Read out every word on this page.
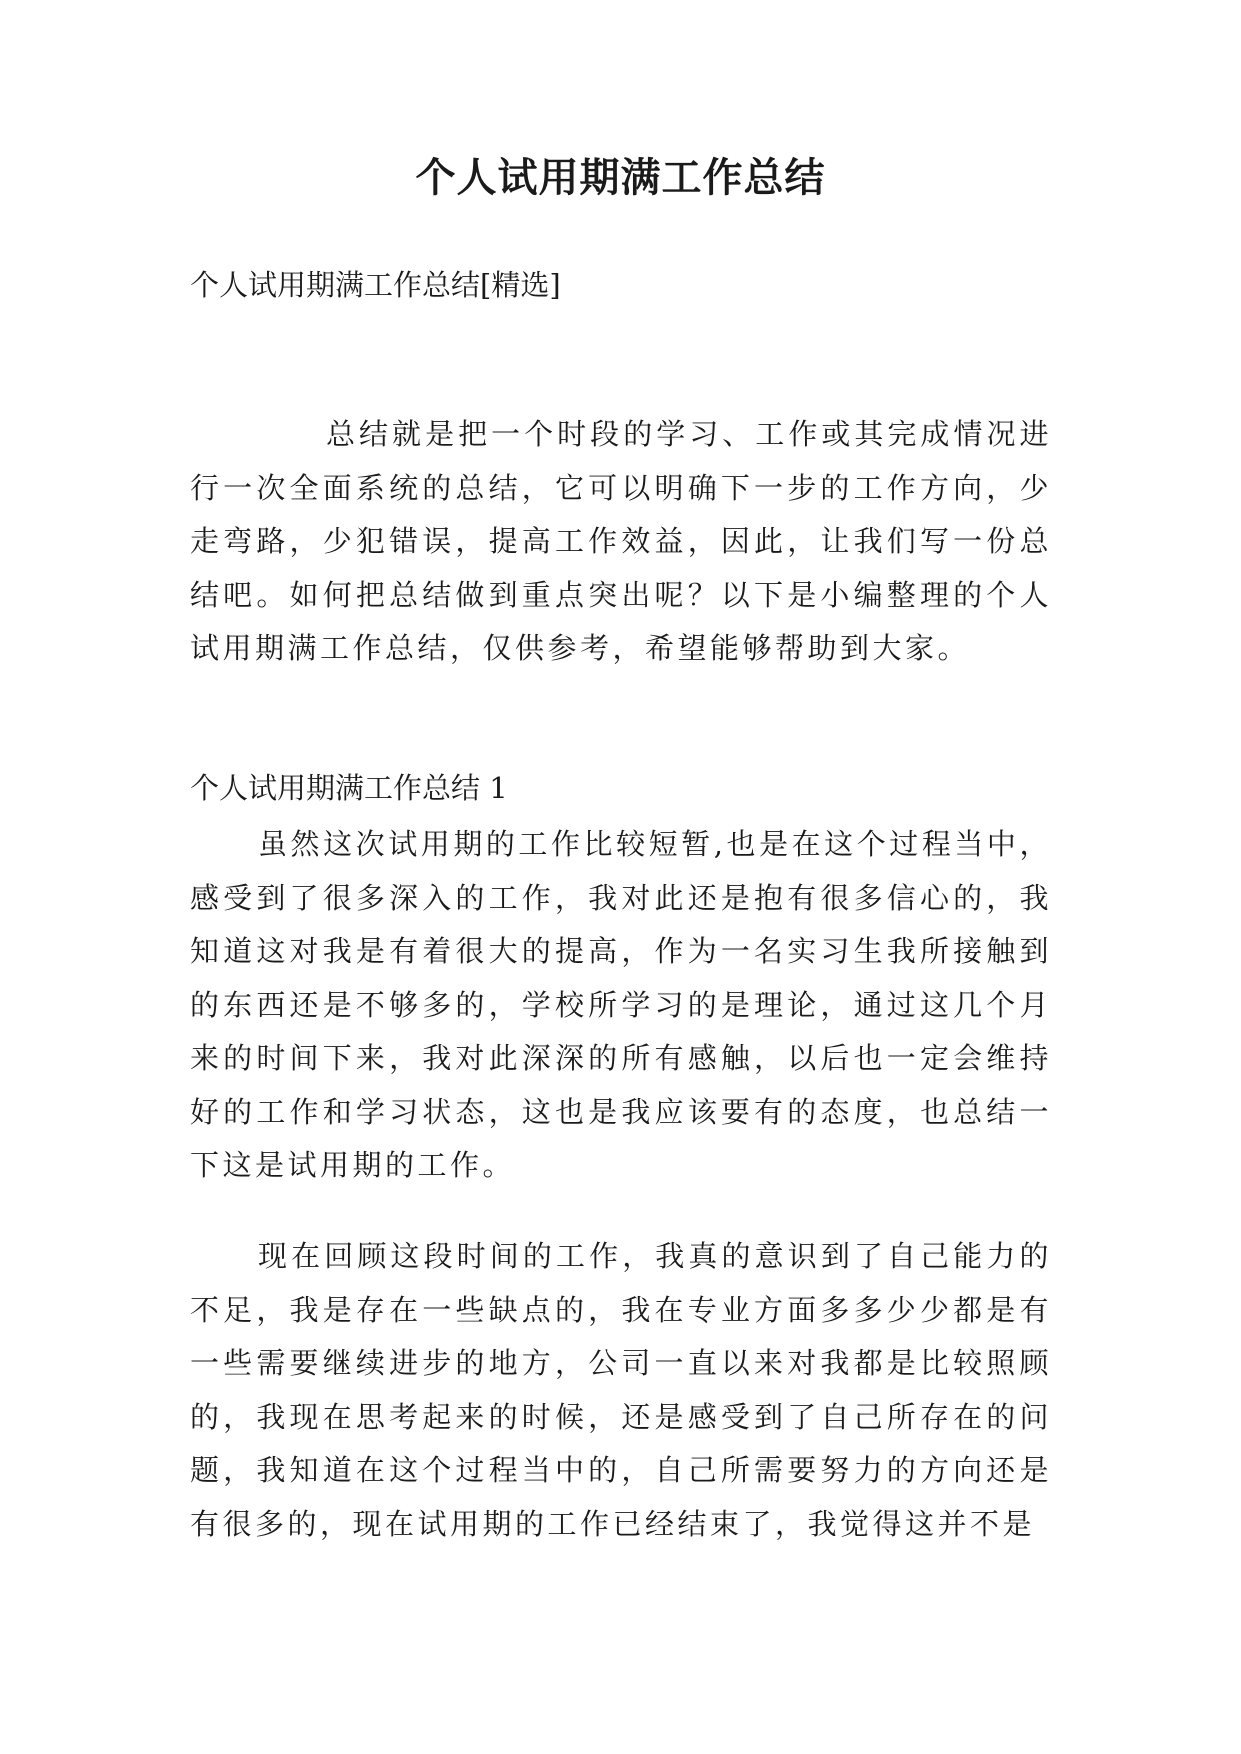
个人试用期满工作总结
个人试用期满工作总结[精选]

总结就是把一个时段的学习、工作或其完成情况进行一次全面系统的总结，它可以明确下一步的工作方向，少走弯路，少犯错误，提高工作效益，因此，让我们写一份总结吧。如何把总结做到重点突出呢？以下是小编整理的个人试用期满工作总结，仅供参考，希望能够帮助到大家。

个人试用期满工作总结 1

虽然这次试用期的工作比较短暂,也是在这个过程当中，感受到了很多深入的工作，我对此还是抱有很多信心的，我知道这对我是有着很大的提高，作为一名实习生我所接触到的东西还是不够多的，学校所学习的是理论，通过这几个月来的时间下来，我对此深深的所有感触，以后也一定会维持好的工作和学习状态，这也是我应该要有的态度，也总结一下这是试用期的工作。

现在回顾这段时间的工作，我真的意识到了自己能力的不足，我是存在一些缺点的，我在专业方面多多少少都是有一些需要继续进步的地方，公司一直以来对我都是比较照顾的，我现在思考起来的时候，还是感受到了自己所存在的问题，我知道在这个过程当中的，自己所需要努力的方向还是有很多的，现在试用期的工作已经结束了，我觉得这并不是
